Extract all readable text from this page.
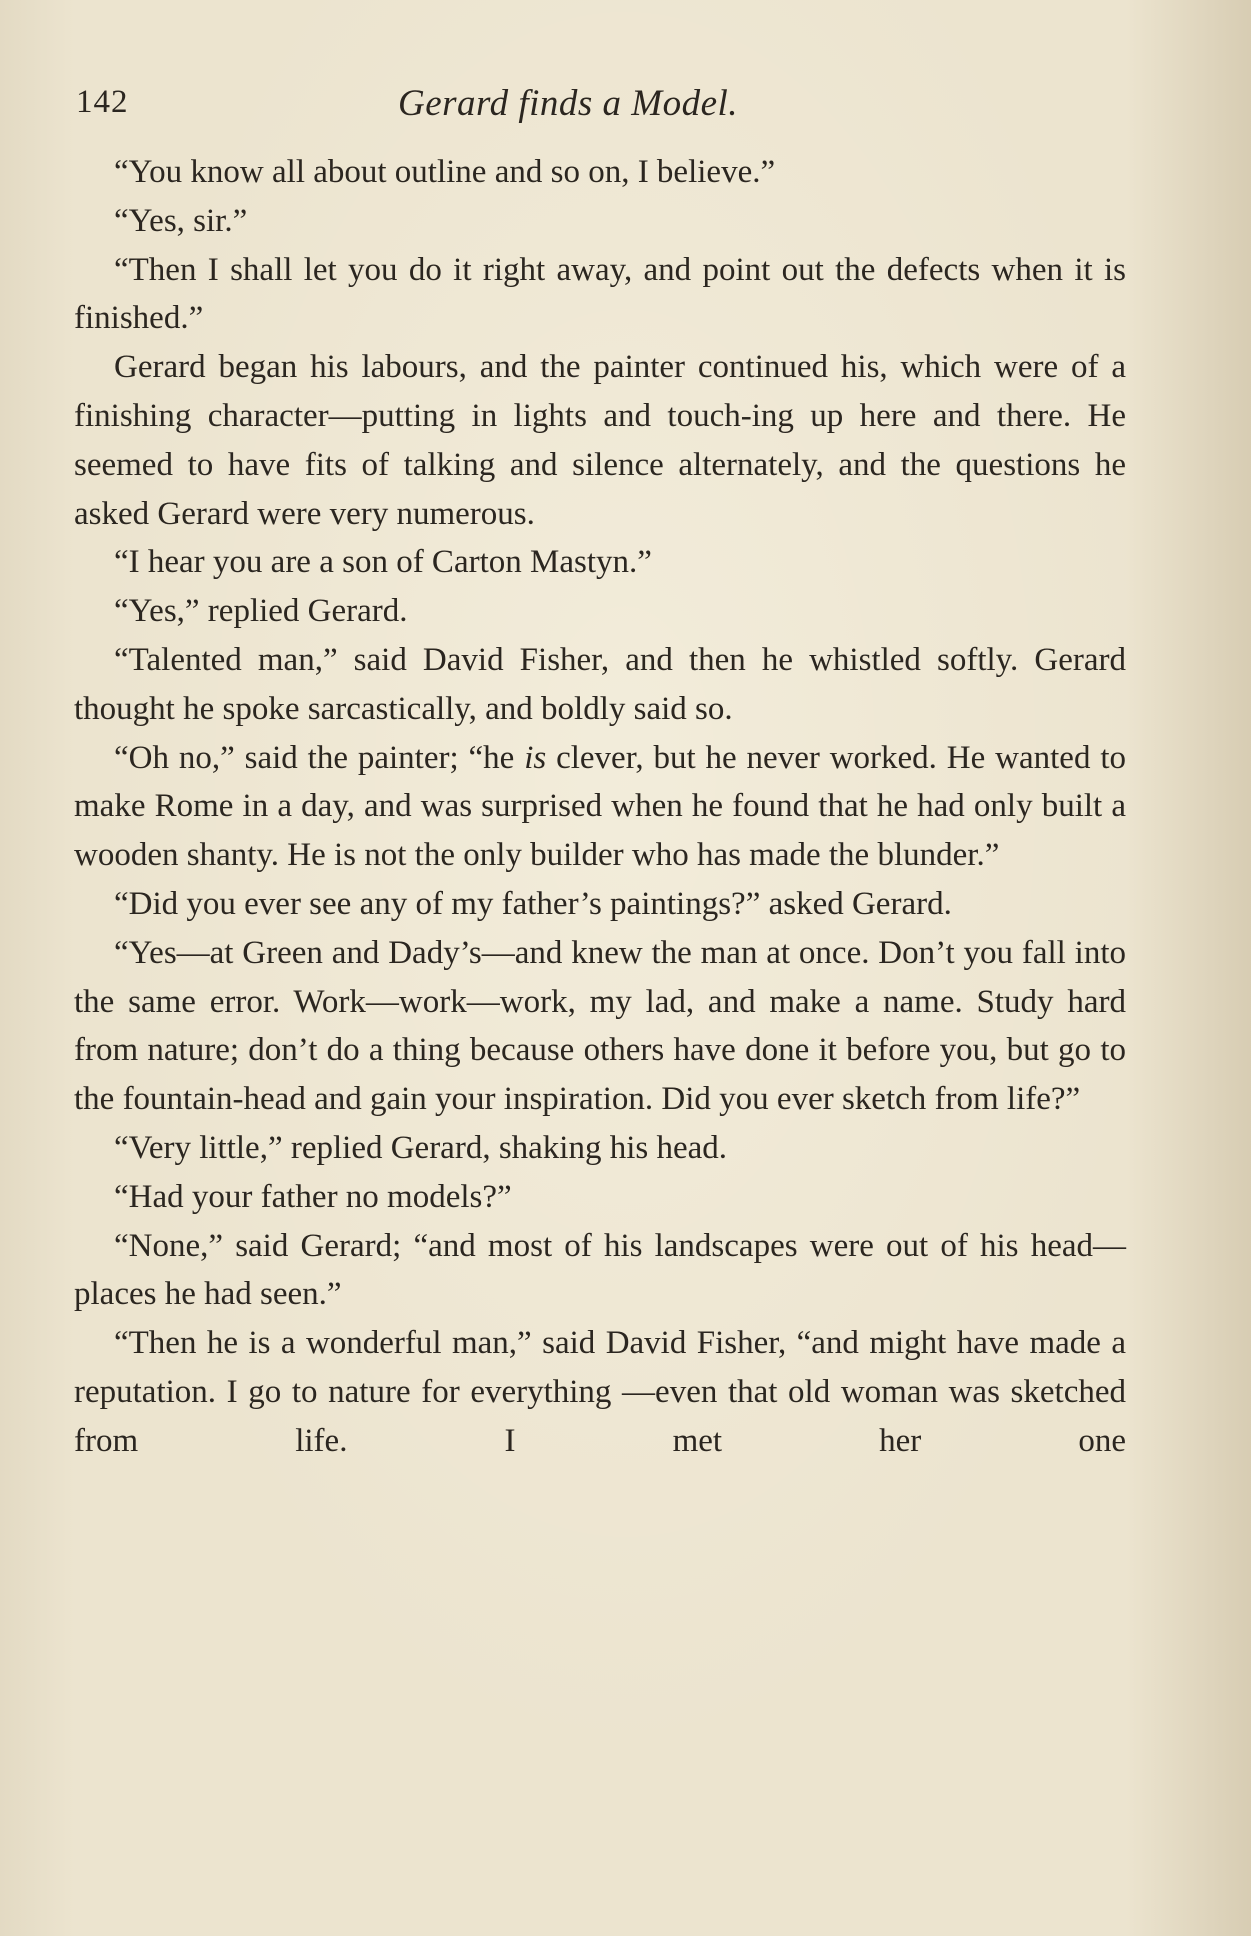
142	Gerard finds a Model.

“You know all about outline and so on, I believe.”

“Yes, sir.”

“Then I shall let you do it right away, and point out the defects when it is finished.”

Gerard began his labours, and the painter continued his, which were of a finishing character—putting in lights and touch-ing up here and there. He seemed to have fits of talking and silence alternately, and the questions he asked Gerard were very numerous.

“I hear you are a son of Carton Mastyn.”

“Yes,” replied Gerard.

“Talented man,” said David Fisher, and then he whistled softly. Gerard thought he spoke sarcastically, and boldly said so.

“Oh no,” said the painter; “he is clever, but he never worked. He wanted to make Rome in a day, and was surprised when he found that he had only built a wooden shanty. He is not the only builder who has made the blunder.”

“Did you ever see any of my father’s paintings?” asked Gerard.

“Yes—at Green and Dady’s—and knew the man at once. Don’t you fall into the same error. Work—work—work, my lad, and make a name. Study hard from nature; don’t do a thing because others have done it before you, but go to the fountain-head and gain your inspiration. Did you ever sketch from life?”

“Very little,” replied Gerard, shaking his head.

“Had your father no models?”

“None,” said Gerard; “and most of his landscapes were out of his head—places he had seen.”

“Then he is a wonderful man,” said David Fisher, “and might have made a reputation. I go to nature for everything —even that old woman was sketched from life. I met her one
